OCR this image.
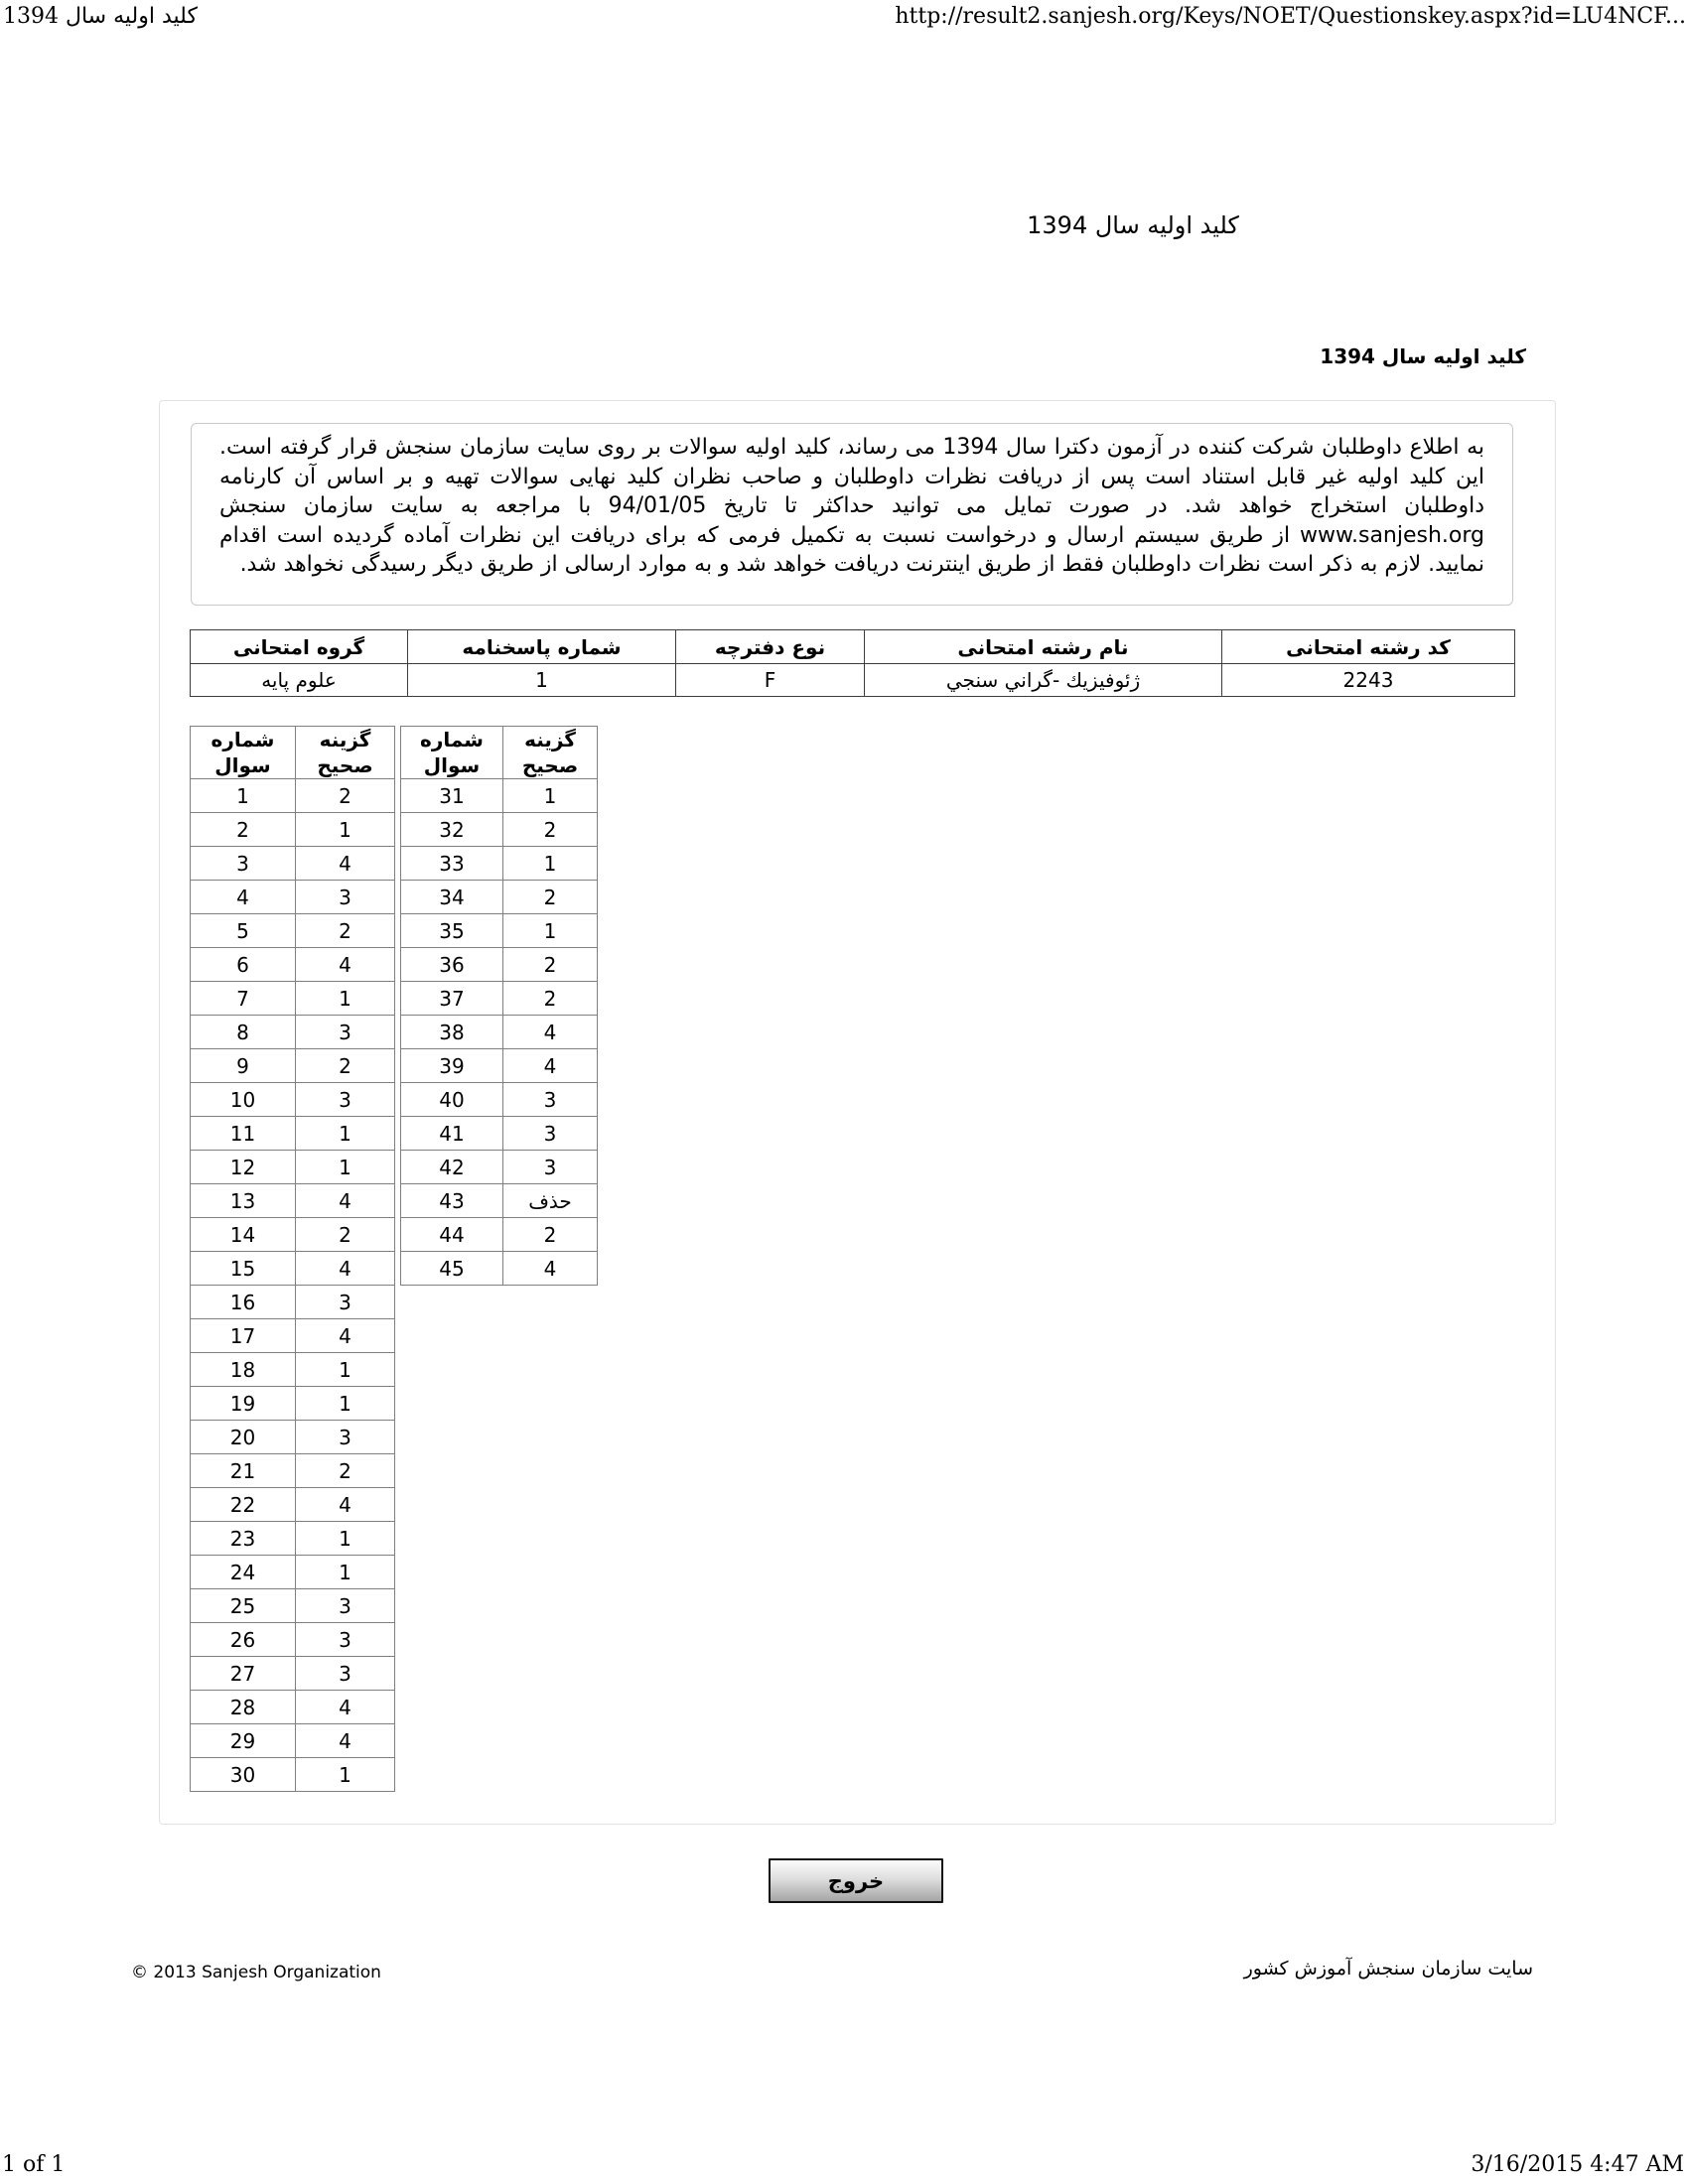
كليد اوليه سال 1394	http://result2.sanjesh.org/Keys/NOET/Questionskey.aspx?id=LU4NCF...
کلید اولیه سال 1394
کلید اولیه سال 1394
به اطلاع داوطلبان شرکت کننده در آزمون دکترا سال 1394 می رساند، کلید اولیه سوالات بر روی سایت سازمان سنجش قرار گرفته است. این کلید اولیه غیر قابل استناد است پس از دریافت نظرات داوطلبان و صاحب نظران کلید نهایی سوالات تهیه و بر اساس آن کارنامه داوطلبان استخراج خواهد شد. در صورت تمایل می توانید حداکثر تا تاریخ 94/01/05 با مراجعه به سایت سازمان سنجش www.sanjesh.org از طریق سیستم ارسال و درخواست نسبت به تکمیل فرمی که برای دریافت این نظرات آماده گردیده است اقدام نمایید. لازم به ذکر است نظرات داوطلبان فقط از طریق اینترنت دریافت خواهد شد و به موارد ارسالی از طریق دیگر رسیدگی نخواهد شد.
کد رشته امتحانی	نام رشته امتحانی	نوع دفترچه	شماره پاسخنامه	گروه امتحانی
2243	ژئوفيزيك -گراني سنجي	F	1	علوم پایه
شماره سوال	گزینه صحیح
1	2
2	1
3	4
4	3
5	2
6	4
7	1
8	3
9	2
10	3
11	1
12	1
13	4
14	2
15	4
16	3
17	4
18	1
19	1
20	3
21	2
22	4
23	1
24	1
25	3
26	3
27	3
28	4
29	4
30	1
شماره سوال	گزینه صحیح
31	1
32	2
33	1
34	2
35	1
36	2
37	2
38	4
39	4
40	3
41	3
42	3
43	حذف
44	2
45	4
خروج
© 2013 Sanjesh Organization	سایت سازمان سنجش آموزش کشور
1 of 1	3/16/2015 4:47 AM
